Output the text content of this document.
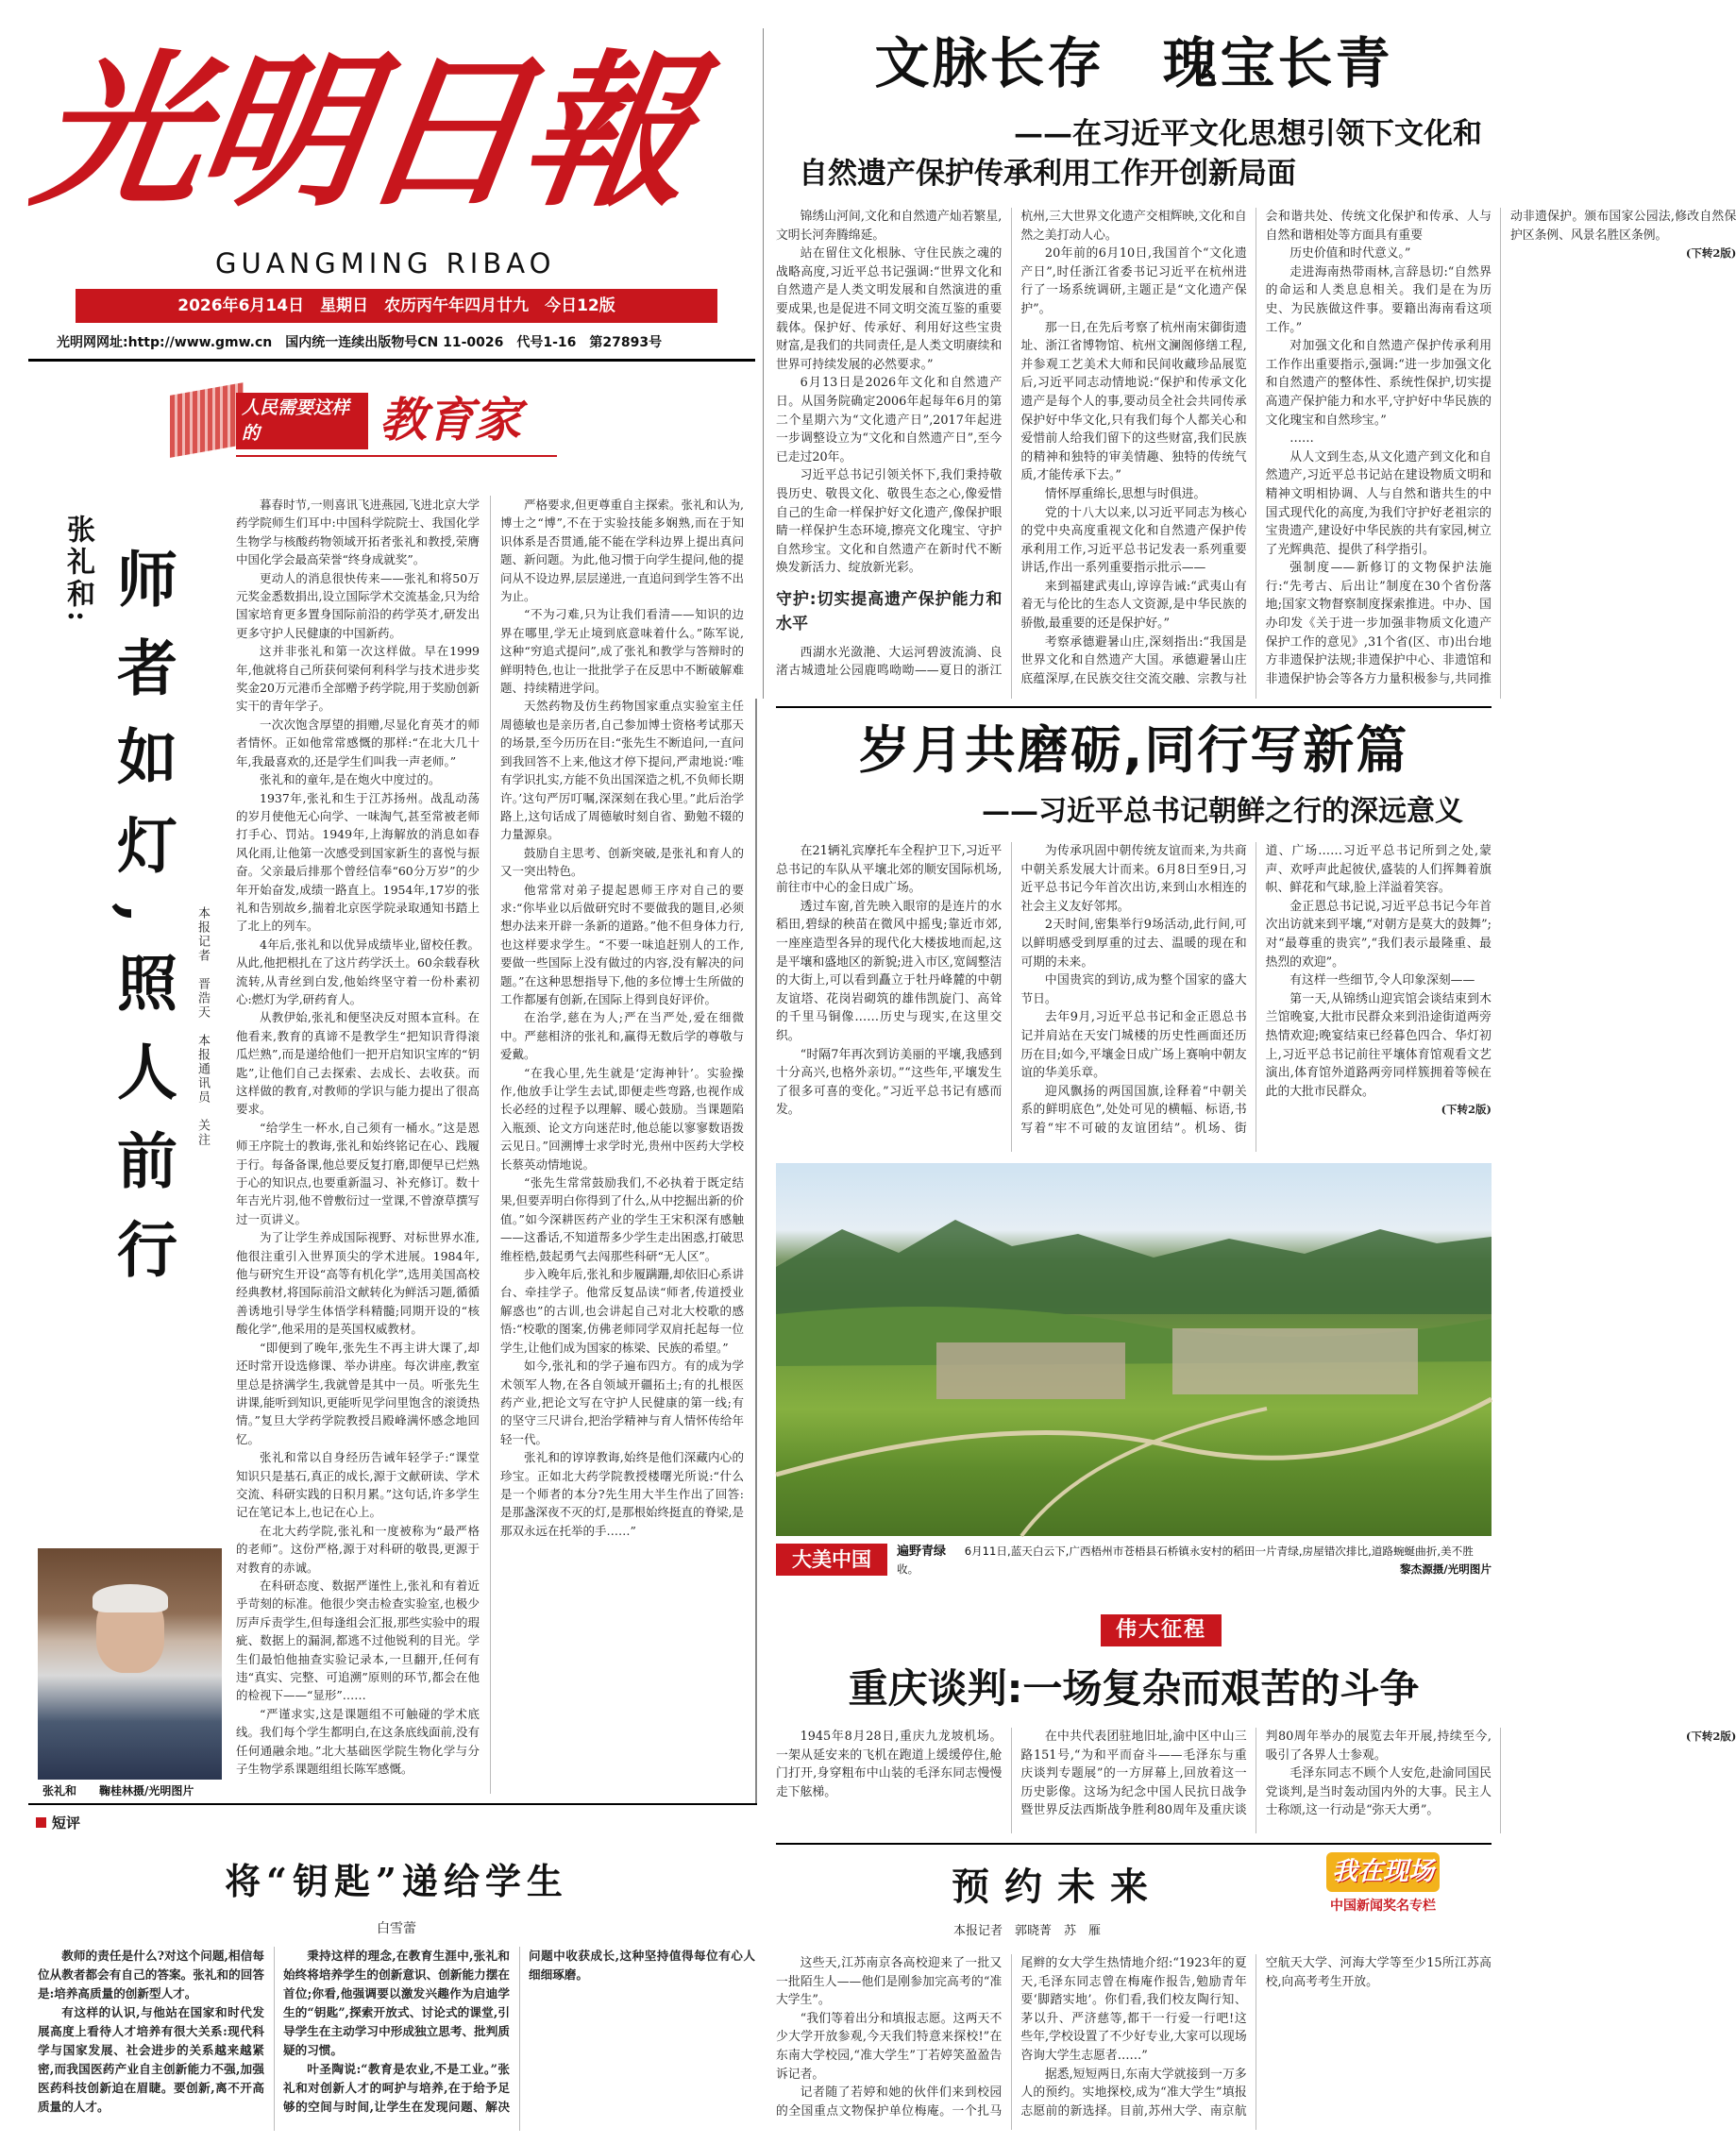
光明日報
GUANGMING RIBAO
2026年6月14日　星期日　农历丙午年四月廿九　今日12版
光明网网址:http://www.gmw.cn　国内统一连续出版物号CN 11-0026　代号1-16　第27893号
文脉长存　瑰宝长青
——在习近平文化思想引领下文化和
自然遗产保护传承利用工作开创新局面

锦绣山河间,文化和自然遗产灿若繁星,文明长河奔腾绵延。

站在留住文化根脉、守住民族之魂的战略高度,习近平总书记强调:“世界文化和自然遗产是人类文明发展和自然演进的重要成果,也是促进不同文明交流互鉴的重要载体。保护好、传承好、利用好这些宝贵财富,是我们的共同责任,是人类文明赓续和世界可持续发展的必然要求。”

6月13日是2026年文化和自然遗产日。从国务院确定2006年起每年6月的第二个星期六为“文化遗产日”,2017年起进一步调整设立为“文化和自然遗产日”,至今已走过20年。

习近平总书记引领关怀下,我们秉持敬畏历史、敬畏文化、敬畏生态之心,像爱惜自己的生命一样保护好文化遗产,像保护眼睛一样保护生态环境,擦亮文化瑰宝、守护自然珍宝。文化和自然遗产在新时代不断焕发新活力、绽放新光彩。

守护:切实提高遗产保护能力和水平

西湖水光潋滟、大运河碧波流淌、良渚古城遗址公园鹿鸣呦呦——夏日的浙江杭州,三大世界文化遗产交相辉映,文化和自然之美打动人心。

20年前的6月10日,我国首个“文化遗产日”,时任浙江省委书记习近平在杭州进行了一场系统调研,主题正是“文化遗产保护”。

那一日,在先后考察了杭州南宋御街遗址、浙江省博物馆、杭州文澜阁修缮工程,并参观工艺美术大师和民间收藏珍品展览后,习近平同志动情地说:“保护和传承文化遗产是每个人的事,要动员全社会共同传承保护好中华文化,只有我们每个人都关心和爱惜前人给我们留下的这些财富,我们民族的精神和独特的审美情趣、独特的传统气质,才能传承下去。”

情怀厚重绵长,思想与时俱进。

党的十八大以来,以习近平同志为核心的党中央高度重视文化和自然遗产保护传承利用工作,习近平总书记发表一系列重要讲话,作出一系列重要指示批示——

来到福建武夷山,谆谆告诫:“武夷山有着无与伦比的生态人文资源,是中华民族的骄傲,最重要的还是保护好。”

考察承德避暑山庄,深刻指出:“我国是世界文化和自然遗产大国。承德避暑山庄底蕴深厚,在民族交往交流交融、宗教与社会和谐共处、传统文化保护和传承、人与自然和谐相处等方面具有重要

历史价值和时代意义。”

走进海南热带雨林,言辞恳切:“自然界的命运和人类息息相关。我们是在为历史、为民族做这件事。要籍出海南看这项工作。”

对加强文化和自然遗产保护传承利用工作作出重要指示,强调:“进一步加强文化和自然遗产的整体性、系统性保护,切实提高遗产保护能力和水平,守护好中华民族的文化瑰宝和自然珍宝。”

……

从人文到生态,从文化遗产到文化和自然遗产,习近平总书记站在建设物质文明和精神文明相协调、人与自然和谐共生的中国式现代化的高度,为我们守护好老祖宗的宝贵遗产,建设好中华民族的共有家园,树立了光辉典范、提供了科学指引。

强制度——新修订的文物保护法施行:“先考古、后出让”制度在30个省份落地;国家文物督察制度探索推进。中办、国办印发《关于进一步加强非物质文化遗产保护工作的意见》,31个省(区、市)出台地方非遗保护法规;非遗保护中心、非遗馆和非遗保护协会等各方力量积极参与,共同推动非遗保护。颁布国家公园法,修改自然保护区条例、风景名胜区条例。

(下转2版)
人民需要这样的	教育家
张礼和: 师者如灯,照人前行 本报记者　晋浩天　本报通讯员　关注
张礼和　　鞠桂林摄/光明图片

暮春时节,一则喜讯飞进燕园,飞进北京大学药学院师生们耳中:中国科学院院士、我国化学生物学与核酸药物领域开拓者张礼和教授,荣膺中国化学会最高荣誉“终身成就奖”。

更动人的消息很快传来——张礼和将50万元奖金悉数捐出,设立国际学术交流基金,只为给国家培育更多置身国际前沿的药学英才,研发出更多守护人民健康的中国新药。

这并非张礼和第一次这样做。早在1999年,他就将自己所获何梁何利科学与技术进步奖奖金20万元港币全部赠予药学院,用于奖励创新实干的青年学子。

一次次饱含厚望的捐赠,尽显化育英才的师者情怀。正如他常常感慨的那样:“在北大几十年,我最喜欢的,还是学生们叫我一声老师。”

张礼和的童年,是在炮火中度过的。

1937年,张礼和生于江苏扬州。战乱动荡的岁月使他无心向学、一味淘气,甚至常被老师打手心、罚站。1949年,上海解放的消息如春风化雨,让他第一次感受到国家新生的喜悦与振奋。父亲最后排那个曾经信奉“60分万岁”的少年开始奋发,成绩一路直上。1954年,17岁的张礼和告别故乡,揣着北京医学院录取通知书踏上了北上的列车。

4年后,张礼和以优异成绩毕业,留校任教。从此,他把根扎在了这片药学沃土。60余载春秋流转,从青丝到白发,他始终坚守着一份朴素初心:燃灯为学,研药育人。

从教伊始,张礼和便坚决反对照本宣科。在他看来,教育的真谛不是教学生“把知识背得滚瓜烂熟”,而是递给他们一把开启知识宝库的“钥匙”,让他们自己去探索、去成长、去收获。而这样做的教育,对教师的学识与能力提出了很高要求。

“给学生一杯水,自己须有一桶水。”这是恩师王序院士的教诲,张礼和始终铭记在心、践履于行。每备备课,他总要反复打磨,即便早已烂熟于心的知识点,也要重新温习、补充修订。数十年吉光片羽,他不曾敷衍过一堂课,不曾潦草撰写过一页讲义。

为了让学生养成国际视野、对标世界水准,他很注重引入世界顶尖的学术进展。1984年,他与研究生开设“高等有机化学”,选用美国高校经典教材,将国际前沿文献转化为鲜活习题,循循善诱地引导学生体悟学科精髓;同期开设的“核酸化学”,他采用的是英国权威教材。

“即便到了晚年,张先生不再主讲大课了,却还时常开设选修课、举办讲座。每次讲座,教室里总是挤满学生,我就曾是其中一员。听张先生讲课,能听到知识,更能听见学问里饱含的滚烫热情。”复旦大学药学院教授吕殿峰满怀感念地回忆。

张礼和常以自身经历告诫年轻学子:“课堂知识只是基石,真正的成长,源于文献研读、学术交流、科研实践的日积月累。”这句话,许多学生记在笔记本上,也记在心上。

在北大药学院,张礼和一度被称为“最严格的老师”。这份严格,源于对科研的敬畏,更源于对教育的赤诚。

在科研态度、数据严谨性上,张礼和有着近乎苛刻的标准。他很少突击检查实验室,也极少厉声斥责学生,但每逢组会汇报,那些实验中的瑕疵、数据上的漏洞,都逃不过他锐利的目光。学生们最怕他抽查实验记录本,一旦翻开,任何有违“真实、完整、可追溯”原则的环节,都会在他的检视下——“显形”……

“严谨求实,这是课题组不可触碰的学术底线。我们每个学生都明白,在这条底线面前,没有任何通融余地。”北大基础医学院生物化学与分子生物学系课题组组长陈军感慨。

严格要求,但更尊重自主探索。张礼和认为,博士之“博”,不在于实验技能多娴熟,而在于知识体系是否贯通,能不能在学科边界上提出真问题、新问题。为此,他习惯于向学生提问,他的提问从不设边界,层层递进,一直追问到学生答不出为止。

“不为刁难,只为让我们看清——知识的边界在哪里,学无止境到底意味着什么。”陈军说,这种“穷追式提问”,成了张礼和教学与答辩时的鲜明特色,也让一批批学子在反思中不断破解难题、持续精进学问。

天然药物及仿生药物国家重点实验室主任周德敏也是亲历者,自己参加博士资格考试那天的场景,至今历历在目:“张先生不断追问,一直问到我回答不上来,他这才停下提问,严肃地说:‘唯有学识扎实,方能不负出国深造之机,不负师长期许。’这句严厉叮嘱,深深刻在我心里。”此后治学路上,这句话成了周德敏时刻自省、勤勉不辍的力量源泉。

鼓励自主思考、创新突破,是张礼和育人的又一突出特色。

他常常对弟子提起恩师王序对自己的要求:“你毕业以后做研究时不要做我的题目,必须想办法来开辟一条新的道路。”他不但身体力行,也这样要求学生。“不要一味追赶别人的工作,要做一些国际上没有做过的内容,没有解决的问题。”在这种思想指导下,他的多位博士生所做的工作都屡有创新,在国际上得到良好评价。

在治学,慈在为人;严在当严处,爱在细微中。严慈相济的张礼和,赢得无数后学的尊敬与爱戴。

“在我心里,先生就是‘定海神针’。实验操作,他放手让学生去试,即便走些弯路,也视作成长必经的过程予以理解、暖心鼓励。当课题陷入瓶颈、论文方向迷茫时,他总能以寥寥数语拨云见日。”回溯博士求学时光,贵州中医药大学校长蔡英动情地说。

“张先生常常鼓励我们,不必执着于既定结果,但要弄明白你得到了什么,从中挖掘出新的价值。”如今深耕医药产业的学生王宋积深有感触——这番话,不知道帮多少学生走出困惑,打破思维桎梏,鼓起勇气去闯那些科研“无人区”。

步入晚年后,张礼和步履蹒跚,却依旧心系讲台、牵挂学子。他常反复品读“师者,传道授业解惑也”的古训,也会讲起自己对北大校歌的感悟:“校歌的图案,仿佛老师同学双肩托起每一位学生,让他们成为国家的栋梁、民族的希望。”

如今,张礼和的学子遍布四方。有的成为学术领军人物,在各自领域开疆拓土;有的扎根医药产业,把论文写在守护人民健康的第一线;有的坚守三尺讲台,把治学精神与育人情怀传给年轻一代。

张礼和的谆谆教诲,始终是他们深藏内心的珍宝。正如北大药学院教授楼曙光所说:“什么是一个师者的本分?先生用大半生作出了回答:是那盏深夜不灭的灯,是那根始终挺直的脊梁,是那双永远在托举的手……”

岁月共磨砺,同行写新篇
——习近平总书记朝鲜之行的深远意义

在21辆礼宾摩托车全程护卫下,习近平总书记的车队从平壤北郊的顺安国际机场,前往市中心的金日成广场。

透过车窗,首先映入眼帘的是连片的水稻田,碧绿的秧苗在微风中摇曳;靠近市郊,一座座造型各异的现代化大楼拔地而起,这是平壤和盛地区的新貌;进入市区,宽阔整洁的大街上,可以看到矗立于牡丹峰麓的中朝友谊塔、花岗岩砌筑的雄伟凯旋门、高耸的千里马铜像……历史与现实,在这里交织。

“时隔7年再次到访美丽的平壤,我感到十分高兴,也格外亲切。”“这些年,平壤发生了很多可喜的变化。”习近平总书记有感而发。

为传承巩固中朝传统友谊而来,为共商中朝关系发展大计而来。6月8日至9日,习近平总书记今年首次出访,来到山水相连的社会主义友好邻邦。

2天时间,密集举行9场活动,此行间,可以鲜明感受到厚重的过去、温暖的现在和可期的未来。

中国贵宾的到访,成为整个国家的盛大节日。

去年9月,习近平总书记和金正恩总书记并肩站在天安门城楼的历史性画面还历历在目;如今,平壤金日成广场上赛响中朝友谊的华美乐章。

迎风飘扬的两国国旗,诠释着“中朝关系的鲜明底色”,处处可见的横幅、标语,书写着“牢不可破的友谊团结”。机场、街道、广场……习近平总书记所到之处,蒙声、欢呼声此起彼伏,盛装的人们挥舞着旗帜、鲜花和气球,脸上洋溢着笑容。

金正恩总书记说,习近平总书记今年首次出访就来到平壤,“对朝方是莫大的鼓舞”;对“最尊重的贵宾”,“我们表示最隆重、最热烈的欢迎”。

有这样一些细节,令人印象深刻——

第一天,从锦绣山迎宾馆会谈结束到木兰馆晚宴,大批市民群众来到沿途街道两旁热情欢迎;晚宴结束已经暮色四合、华灯初上,习近平总书记前往平壤体育馆观看文艺演出,体育馆外道路两旁同样簇拥着等候在此的大批市民群众。

(下转2版)
大美中国	遍野青绿 6月11日,蓝天白云下,广西梧州市苍梧县石桥镇永安村的稻田一片青绿,房屋错次排比,道路蜿蜒曲折,美不胜收。	黎杰源摄/光明图片
伟大征程
重庆谈判:一场复杂而艰苦的斗争

1945年8月28日,重庆九龙坡机场。一架从延安来的飞机在跑道上缓缓停住,舱门打开,身穿粗布中山装的毛泽东同志慢慢走下舷梯。

在中共代表团驻地旧址,渝中区中山三路151号,“为和平而奋斗——毛泽东与重庆谈判专题展”的一方屏幕上,回放着这一历史影像。这场为纪念中国人民抗日战争暨世界反法西斯战争胜利80周年及重庆谈判80周年举办的展览去年开展,持续至今,吸引了各界人士参观。

毛泽东同志不顾个人安危,赴渝同国民党谈判,是当时轰动国内外的大事。民主人士称颂,这一行动是“弥天大勇”。

(下转2版)
短评
将“钥匙”递给学生
白雪蕾

教师的责任是什么?对这个问题,相信每位从教者都会有自己的答案。张礼和的回答是:培养高质量的创新型人才。

有这样的认识,与他站在国家和时代发展高度上看待人才培养有很大关系:现代科学与国家发展、社会进步的关系越来越紧密,而我国医药产业自主创新能力不强,加强医药科技创新迫在眉睫。要创新,离不开高质量的人才。

秉持这样的理念,在教育生涯中,张礼和始终将培养学生的创新意识、创新能力摆在首位;你看,他强调要以激发兴趣作为启迪学生的“钥匙”,探索开放式、讨论式的课堂,引导学生在主动学习中形成独立思考、批判质疑的习惯。

叶圣陶说:“教育是农业,不是工业。”张礼和对创新人才的呵护与培养,在于给予足够的空间与时间,让学生在发现问题、解决问题中收获成长,这种坚持值得每位有心人细细琢磨。

预约未来
本报记者　郭晓菁　苏　雁
我在现场
中国新闻奖名专栏

这些天,江苏南京各高校迎来了一批又一批陌生人——他们是刚参加完高考的“准大学生”。

“我们等着出分和填报志愿。这两天不少大学开放参观,今天我们特意来探校!”在东南大学校园,“准大学生”丁若婷笑盈盈告诉记者。

记者随了若婷和她的伙伴们来到校园的全国重点文物保护单位梅庵。一个扎马尾辫的女大学生热情地介绍:“1923年的夏天,毛泽东同志曾在梅庵作报告,勉励青年要‘脚踏实地’。你们看,我们校友陶行知、茅以升、严济慈等,都干一行爱一行吧!这些年,学校设置了不少好专业,大家可以现场咨询大学生志愿者……”

据悉,短短两日,东南大学就接到一万多人的预约。实地探校,成为“准大学生”填报志愿前的新选择。目前,苏州大学、南京航空航天大学、河海大学等至少15所江苏高校,向高考考生开放。
